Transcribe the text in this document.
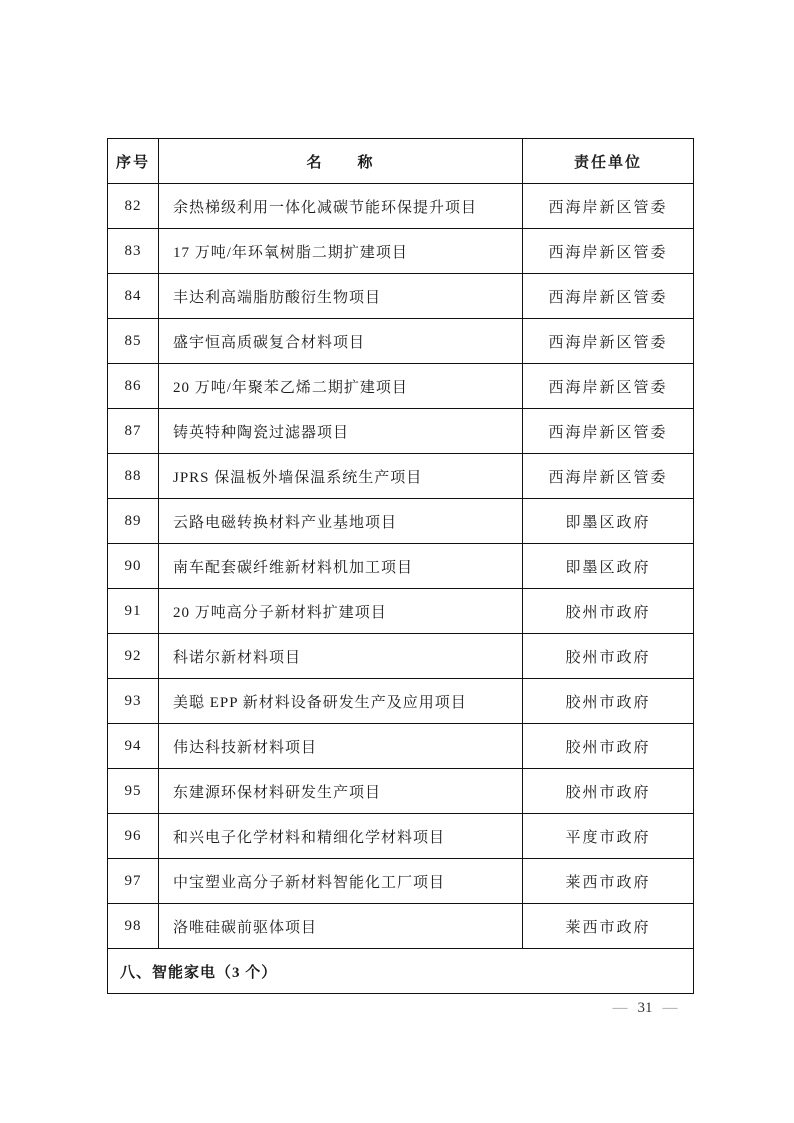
序号	名　　称	责任单位
82	余热梯级利用一体化减碳节能环保提升项目	西海岸新区管委
83	17 万吨/年环氧树脂二期扩建项目	西海岸新区管委
84	丰达利高端脂肪酸衍生物项目	西海岸新区管委
85	盛宇恒高质碳复合材料项目	西海岸新区管委
86	20 万吨/年聚苯乙烯二期扩建项目	西海岸新区管委
87	铸英特种陶瓷过滤器项目	西海岸新区管委
88	JPRS 保温板外墙保温系统生产项目	西海岸新区管委
89	云路电磁转换材料产业基地项目	即墨区政府
90	南车配套碳纤维新材料机加工项目	即墨区政府
91	20 万吨高分子新材料扩建项目	胶州市政府
92	科诺尔新材料项目	胶州市政府
93	美聪 EPP 新材料设备研发生产及应用项目	胶州市政府
94	伟达科技新材料项目	胶州市政府
95	东建源环保材料研发生产项目	胶州市政府
96	和兴电子化学材料和精细化学材料项目	平度市政府
97	中宝塑业高分子新材料智能化工厂项目	莱西市政府
98	洛唯硅碳前驱体项目	莱西市政府
八、智能家电（3 个）		
— 31 —
